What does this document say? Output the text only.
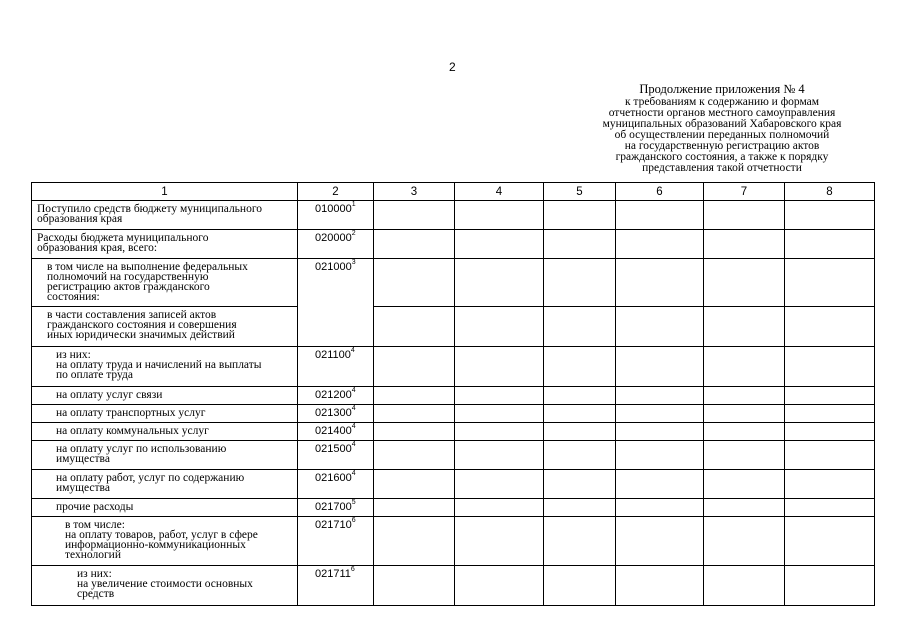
2
Продолжение приложения № 4
к требованиям к содержанию и формам
отчетности органов местного самоуправления
муниципальных образований Хабаровского края
об осуществлении переданных полномочий
на государственную регистрацию актов
гражданского состояния, а также к порядку
представления такой отчетности
1	2	3	4	5	6	7	8

Поступило средств бюджету муниципального
образования края	010000$^1$						

Расходы бюджета муниципального
образования края, всего:	020000$^2$						

в том числе на выполнение федеральных
полномочий на государственную
регистрацию актов гражданского
состояния:	021000$^3$						

в части составления записей актов
гражданского состояния и совершения
иных юридически значимых действий							

из них:
на оплату труда и начислений на выплаты
по оплате труда	021100$^4$						

на оплату услуг связи	021200$^4$						

на оплату транспортных услуг	021300$^4$						

на оплату коммунальных услуг	021400$^4$						

на оплату услуг по использованию
имущества	021500$^4$						

на оплату работ, услуг по содержанию
имущества	021600$^4$						

прочие расходы	021700$^5$						

в том числе:
на оплату товаров, работ, услуг в сфере
информационно-коммуникационных
технологий	021710$^6$						

из них:
на увеличение стоимости основных
средств	021711$^6$						
